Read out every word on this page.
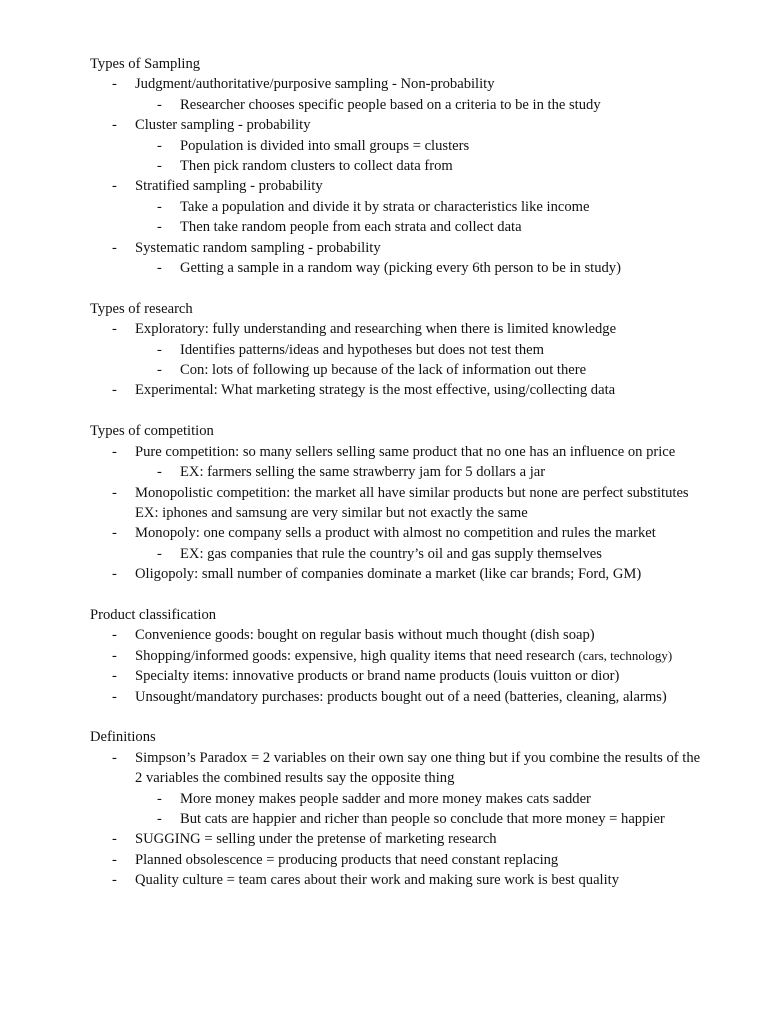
Types of Sampling

- Judgment/authoritative/purposive sampling - Non-probability
- Researcher chooses specific people based on a criteria to be in the study
- Cluster sampling - probability
- Population is divided into small groups = clusters
- Then pick random clusters to collect data from
- Stratified sampling - probability
- Take a population and divide it by strata or characteristics like income
- Then take random people from each strata and collect data
- Systematic random sampling - probability
- Getting a sample in a random way (picking every 6th person to be in study)

Types of research

- Exploratory: fully understanding and researching when there is limited knowledge
- Identifies patterns/ideas and hypotheses but does not test them
- Con: lots of following up because of the lack of information out there
- Experimental: What marketing strategy is the most effective, using/collecting data

Types of competition

- Pure competition: so many sellers selling same product that no one has an influence on price
- EX: farmers selling the same strawberry jam for 5 dollars a jar
- Monopolistic competition: the market all have similar products but none are perfect substitutes EX: iphones and samsung are very similar but not exactly the same
- Monopoly: one company sells a product with almost no competition and rules the market
- EX: gas companies that rule the country’s oil and gas supply themselves
- Oligopoly: small number of companies dominate a market (like car brands; Ford, GM)

Product classification

- Convenience goods: bought on regular basis without much thought (dish soap)
- Shopping/informed goods: expensive, high quality items that need research (cars, technology)
- Specialty items: innovative products or brand name products (louis vuitton or dior)
- Unsought/mandatory purchases: products bought out of a need (batteries, cleaning, alarms)

Definitions

- Simpson’s Paradox = 2 variables on their own say one thing but if you combine the results of the 2 variables the combined results say the opposite thing
- More money makes people sadder and more money makes cats sadder
- But cats are happier and richer than people so conclude that more money = happier
- SUGGING = selling under the pretense of marketing research
- Planned obsolescence = producing products that need constant replacing
- Quality culture = team cares about their work and making sure work is best quality
